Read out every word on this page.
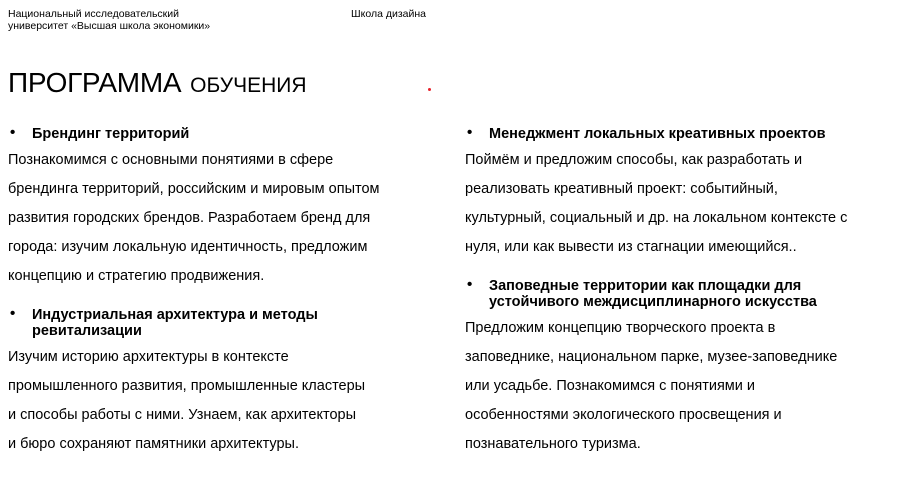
Национальный исследовательский
университет «Высшая школа экономики»
Школа дизайна
ПРОГРАММА ОБУЧЕНИЯ
• Брендинг территорий
Познакомимся с основными понятиями в сфере
брендинга территорий, российским и мировым опытом
развития городских брендов. Разработаем бренд для
города: изучим локальную идентичность, предложим
концепцию и стратегию продвижения.
• Индустриальная архитектура и методы
ревитализации
Изучим историю архитектуры в контексте
промышленного развития, промышленные кластеры
и способы работы с ними. Узнаем, как архитекторы
и бюро сохраняют памятники архитектуры.
• Менеджмент локальных креативных проектов
Поймём и предложим способы, как разработать и
реализовать креативный проект: событийный,
культурный, социальный и др. на локальном контексте с
нуля, или как вывести из стагнации имеющийся..
• Заповедные территории как площадки для
устойчивого междисциплинарного искусства
Предложим концепцию творческого проекта в
заповеднике, национальном парке, музее-заповеднике
или усадьбе. Познакомимся с понятиями и
особенностями экологического просвещения и
познавательного туризма.
